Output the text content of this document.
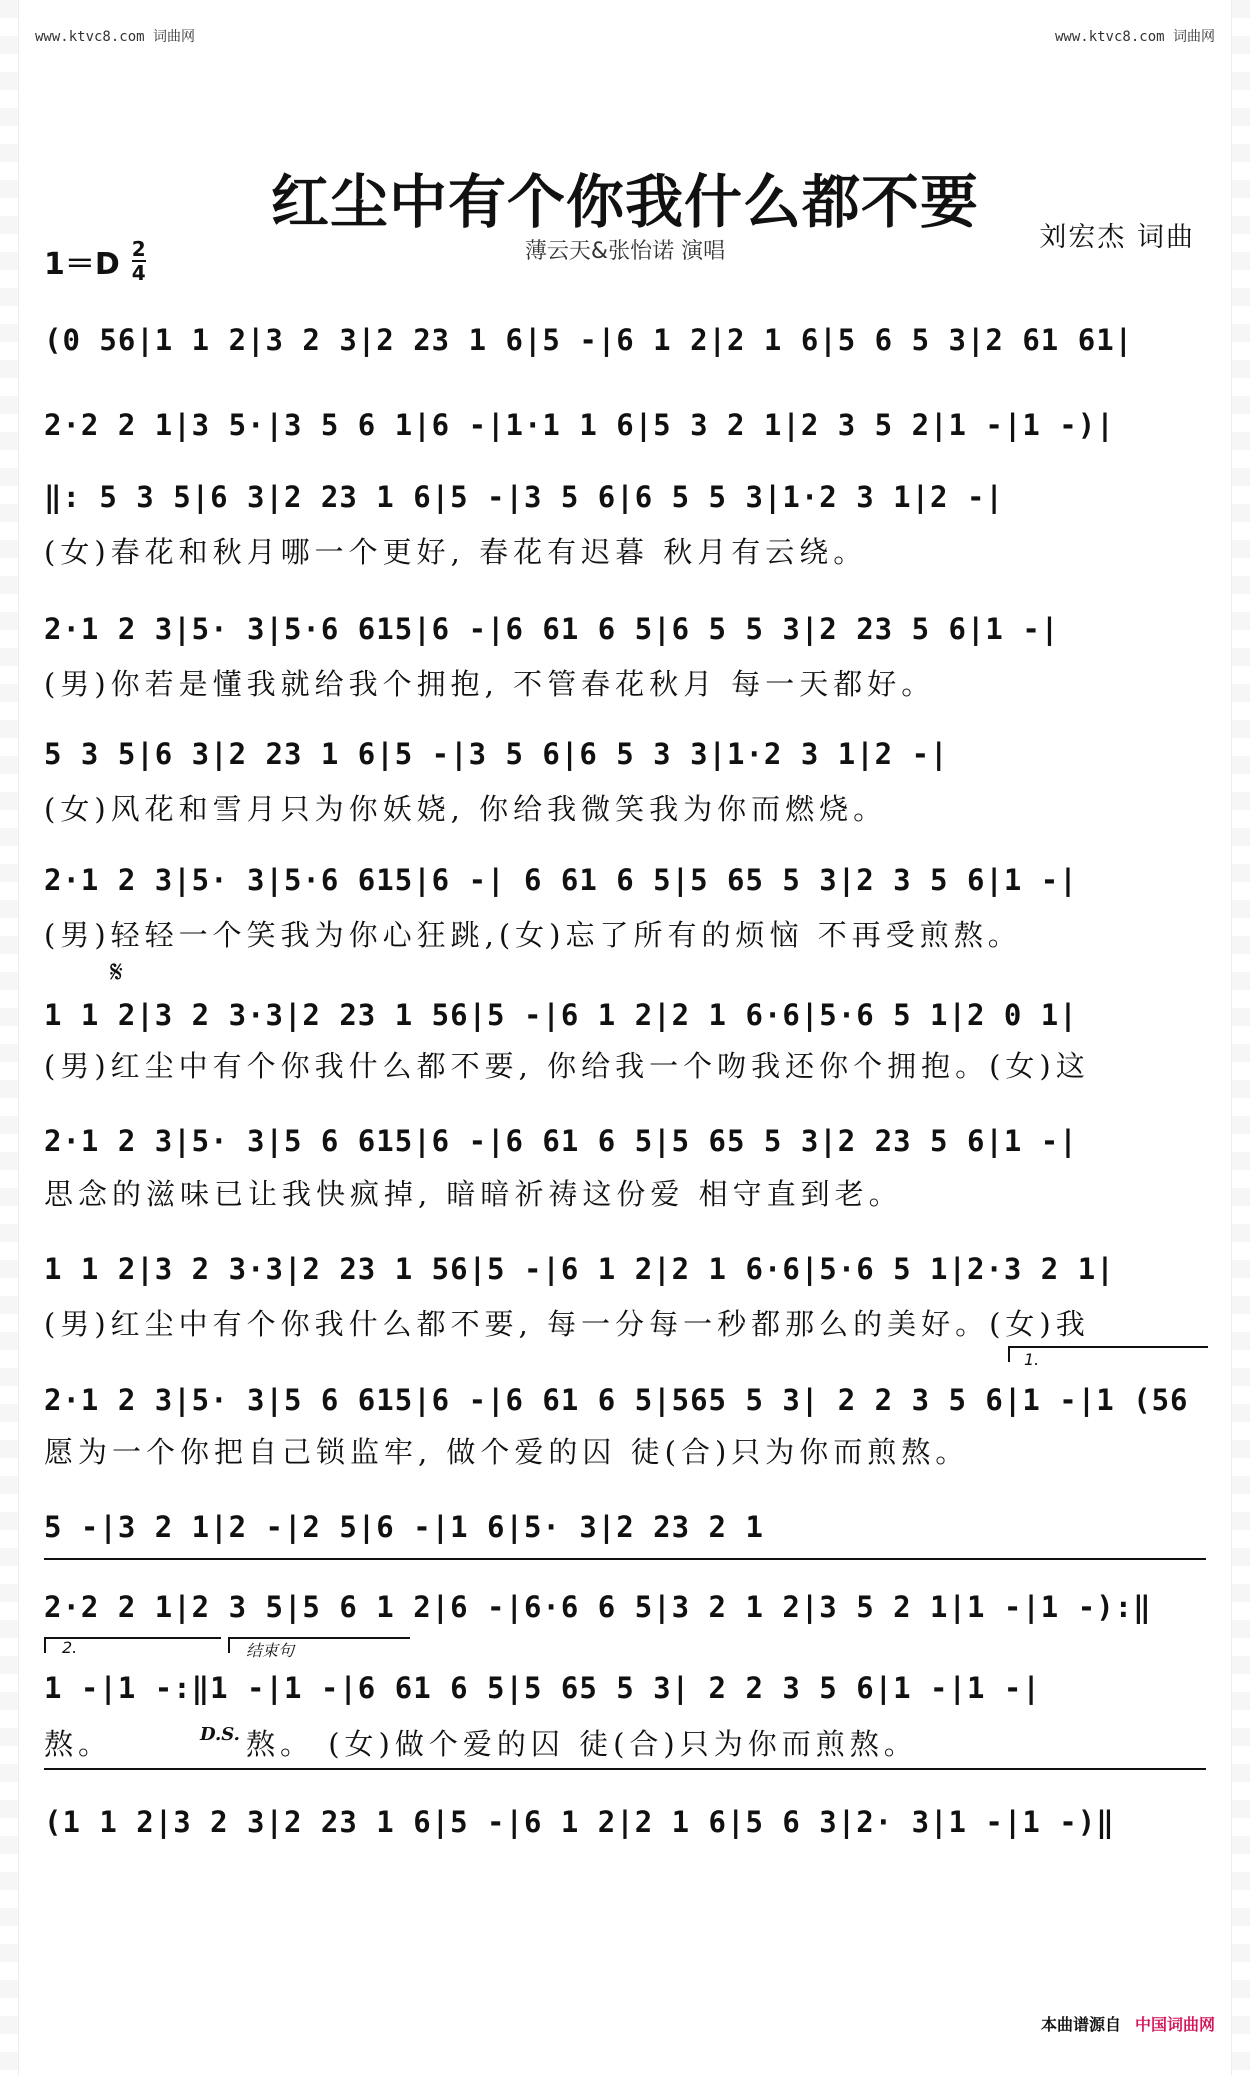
www.ktvc8.com 词曲网	www.ktvc8.com 词曲网
红尘中有个你我什么都不要
薄云天&张怡诺 演唱	刘宏杰 词曲
$1=D \frac{2}{4}$
(0 56|1 1 2|3 2 3|2 23 1 6|5 -|6 1 2|2 1 6|5 6 5 3|2 61 61|
2·2 2 1|3 5·|3 5 6 1|6 -|1·1 1 6|5 3 2 1|2 3 5 2|1 -|1 -)|
‖: 5 3 5|6 3|2 23 1 6|5 -|3 5 6|6 5 5 3|1·2 3 1|2 -|
(女)春花和秋月哪一个更好, 春花有迟暮 秋月有云绕。
2·1 2 3|5· 3|5·6 615|6 -|6 61 6 5|6 5 5 3|2 23 5 6|1 -|
(男)你若是懂我就给我个拥抱, 不管春花秋月 每一天都好。
5 3 5|6 3|2 23 1 6|5 -|3 5 6|6 5 3 3|1·2 3 1|2 -|
(女)风花和雪月只为你妖娆, 你给我微笑我为你而燃烧。
2·1 2 3|5· 3|5·6 615|6 -| 6 61 6 5|5 65 5 3|2 3 5 6|1 -|
(男)轻轻一个笑我为你心狂跳,(女)忘了所有的烦恼 不再受煎熬。
𝄋
1 1 2|3 2 3·3|2 23 1 56|5 -|6 1 2|2 1 6·6|5·6 5 1|2 0 1|
(男)红尘中有个你我什么都不要, 你给我一个吻我还你个拥抱。(女)这
2·1 2 3|5· 3|5 6 615|6 -|6 61 6 5|5 65 5 3|2 23 5 6|1 -|
思念的滋味已让我快疯掉, 暗暗祈祷这份爱 相守直到老。
1 1 2|3 2 3·3|2 23 1 56|5 -|6 1 2|2 1 6·6|5·6 5 1|2·3 2 1|
(男)红尘中有个你我什么都不要, 每一分每一秒都那么的美好。(女)我
1.
2·1 2 3|5· 3|5 6 615|6 -|6 61 6 5|565 5 3| 2 2 3 5 6|1 -|1 (56
愿为一个你把自己锁监牢, 做个爱的囚 徒(合)只为你而煎熬。
5 -|3 2 1|2 -|2 5|6 -|1 6|5· 3|2 23 2 1
2·2 2 1|2 3 5|5 6 1 2|6 -|6·6 6 5|3 2 1 2|3 5 2 1|1 -|1 -):‖
2.	结束句
1 -|1 -:‖1 -|1 -|6 61 6 5|5 65 5 3| 2 2 3 5 6|1 -|1 -|
熬。	D.S. 熬。 (女)做个爱的囚 徒(合)只为你而煎熬。
(1 1 2|3 2 3|2 23 1 6|5 -|6 1 2|2 1 6|5 6 3|2· 3|1 -|1 -)‖
本曲谱源自 中国词曲网
